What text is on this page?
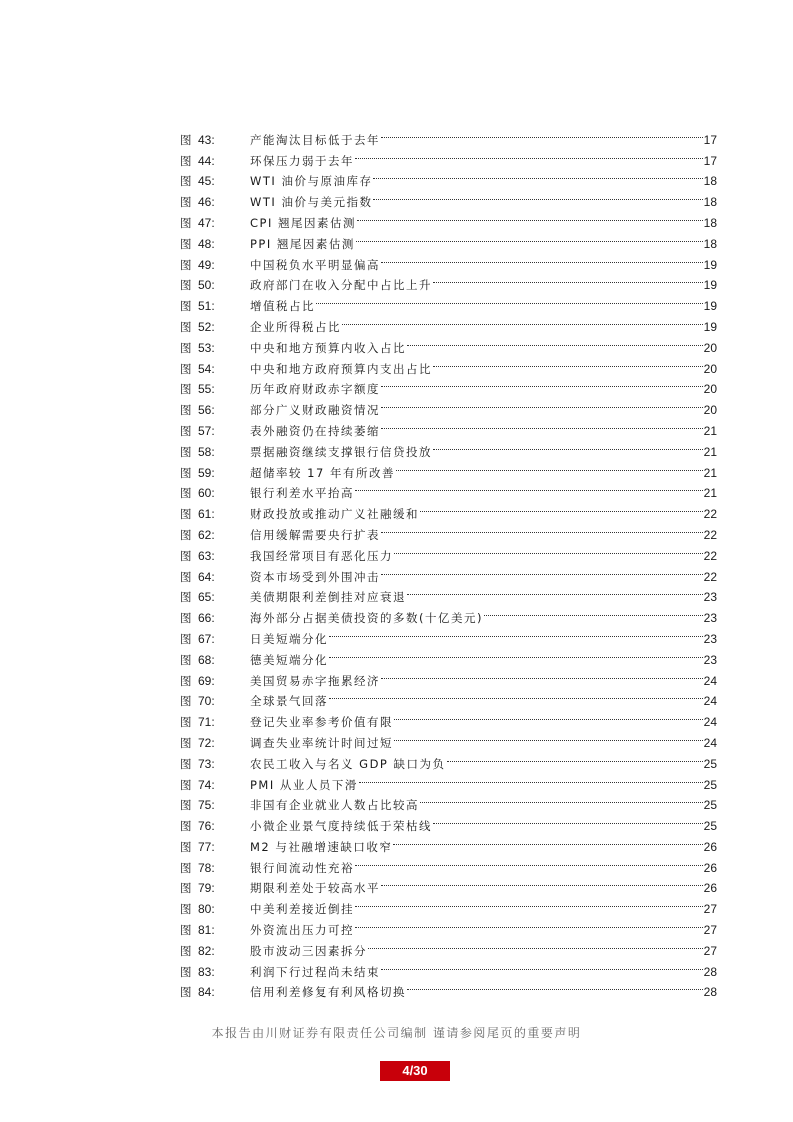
图 43:	产能淘汰目标低于去年	17
图 44:	环保压力弱于去年	17
图 45:	WTI 油价与原油库存	18
图 46:	WTI 油价与美元指数	18
图 47:	CPI 翘尾因素估测	18
图 48:	PPI 翘尾因素估测	18
图 49:	中国税负水平明显偏高	19
图 50:	政府部门在收入分配中占比上升	19
图 51:	增值税占比	19
图 52:	企业所得税占比	19
图 53:	中央和地方预算内收入占比	20
图 54:	中央和地方政府预算内支出占比	20
图 55:	历年政府财政赤字额度	20
图 56:	部分广义财政融资情况	20
图 57:	表外融资仍在持续萎缩	21
图 58:	票据融资继续支撑银行信贷投放	21
图 59:	超储率较 17 年有所改善	21
图 60:	银行利差水平抬高	21
图 61:	财政投放或推动广义社融缓和	22
图 62:	信用缓解需要央行扩表	22
图 63:	我国经常项目有恶化压力	22
图 64:	资本市场受到外围冲击	22
图 65:	美债期限利差倒挂对应衰退	23
图 66:	海外部分占据美债投资的多数(十亿美元)	23
图 67:	日美短端分化	23
图 68:	德美短端分化	23
图 69:	美国贸易赤字拖累经济	24
图 70:	全球景气回落	24
图 71:	登记失业率参考价值有限	24
图 72:	调查失业率统计时间过短	24
图 73:	农民工收入与名义 GDP 缺口为负	25
图 74:	PMI 从业人员下滑	25
图 75:	非国有企业就业人数占比较高	25
图 76:	小微企业景气度持续低于荣枯线	25
图 77:	M2 与社融增速缺口收窄	26
图 78:	银行间流动性充裕	26
图 79:	期限利差处于较高水平	26
图 80:	中美利差接近倒挂	27
图 81:	外资流出压力可控	27
图 82:	股市波动三因素拆分	27
图 83:	利润下行过程尚未结束	28
图 84:	信用利差修复有利风格切换	28
本报告由川财证券有限责任公司编制 谨请参阅尾页的重要声明
4/30
